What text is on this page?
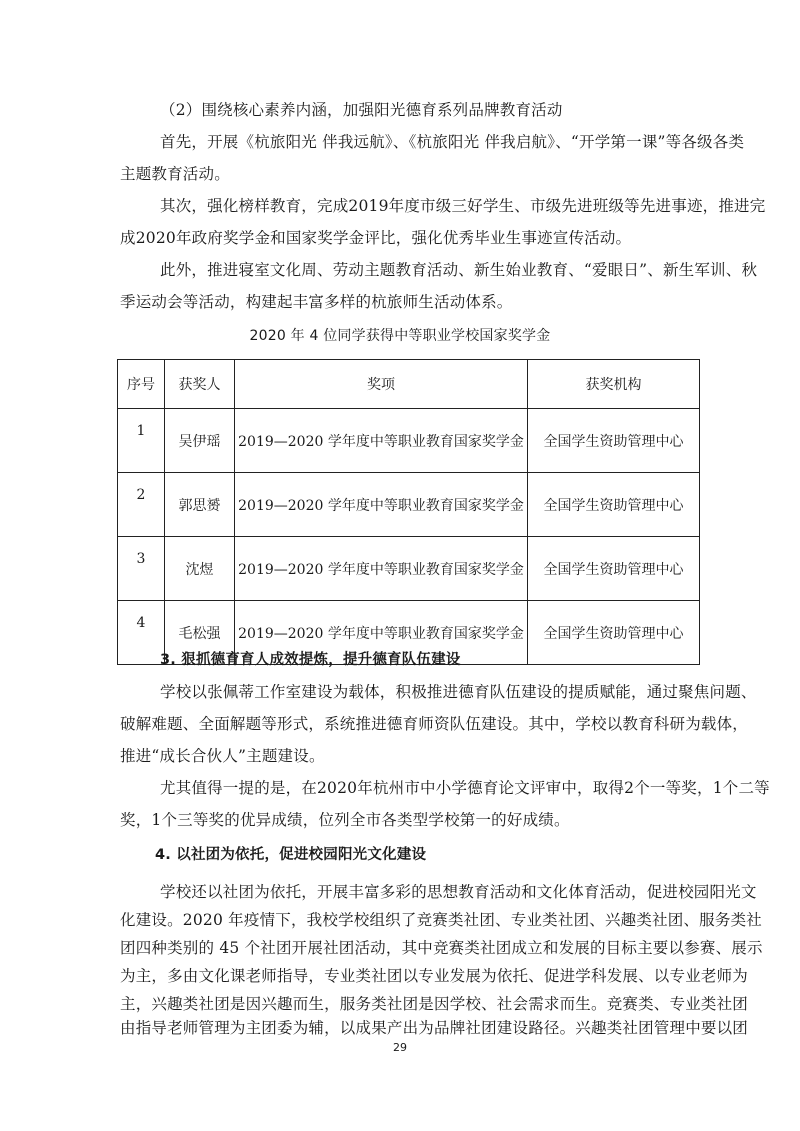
（2）围绕核心素养内涵，加强阳光德育系列品牌教育活动
首先，开展《杭旅阳光 伴我远航》、《杭旅阳光 伴我启航》、“开学第一课”等各级各类
主题教育活动。
其次，强化榜样教育，完成2019年度市级三好学生、市级先进班级等先进事迹，推进完
成2020年政府奖学金和国家奖学金评比，强化优秀毕业生事迹宣传活动。
此外，推进寝室文化周、劳动主题教育活动、新生始业教育、“爱眼日”、新生军训、秋
季运动会等活动，构建起丰富多样的杭旅师生活动体系。
2020 年 4 位同学获得中等职业学校国家奖学金
序号	获奖人	奖项	获奖机构
1	吴伊瑶	2019—2020 学年度中等职业教育国家奖学金	全国学生资助管理中心
2	郭思赟	2019—2020 学年度中等职业教育国家奖学金	全国学生资助管理中心
3	沈煜	2019—2020 学年度中等职业教育国家奖学金	全国学生资助管理中心
4	毛松强	2019—2020 学年度中等职业教育国家奖学金	全国学生资助管理中心
3. 狠抓德育育人成效提炼，提升德育队伍建设
学校以张佩蒂工作室建设为载体，积极推进德育队伍建设的提质赋能，通过聚焦问题、
破解难题、全面解题等形式，系统推进德育师资队伍建设。其中，学校以教育科研为载体，
推进“成长合伙人”主题建设。
尤其值得一提的是，在2020年杭州市中小学德育论文评审中，取得2个一等奖，1个二等
奖，1个三等奖的优异成绩，位列全市各类型学校第一的好成绩。
4. 以社团为依托，促进校园阳光文化建设
学校还以社团为依托，开展丰富多彩的思想教育活动和文化体育活动，促进校园阳光文
化建设。2020 年疫情下，我校学校组织了竞赛类社团、专业类社团、兴趣类社团、服务类社
团四种类别的 45 个社团开展社团活动，其中竞赛类社团成立和发展的目标主要以参赛、展示
为主，多由文化课老师指导，专业类社团以专业发展为依托、促进学科发展、以专业老师为
主，兴趣类社团是因兴趣而生，服务类社团是因学校、社会需求而生。竞赛类、专业类社团
由指导老师管理为主团委为辅，以成果产出为品牌社团建设路径。兴趣类社团管理中要以团
29
